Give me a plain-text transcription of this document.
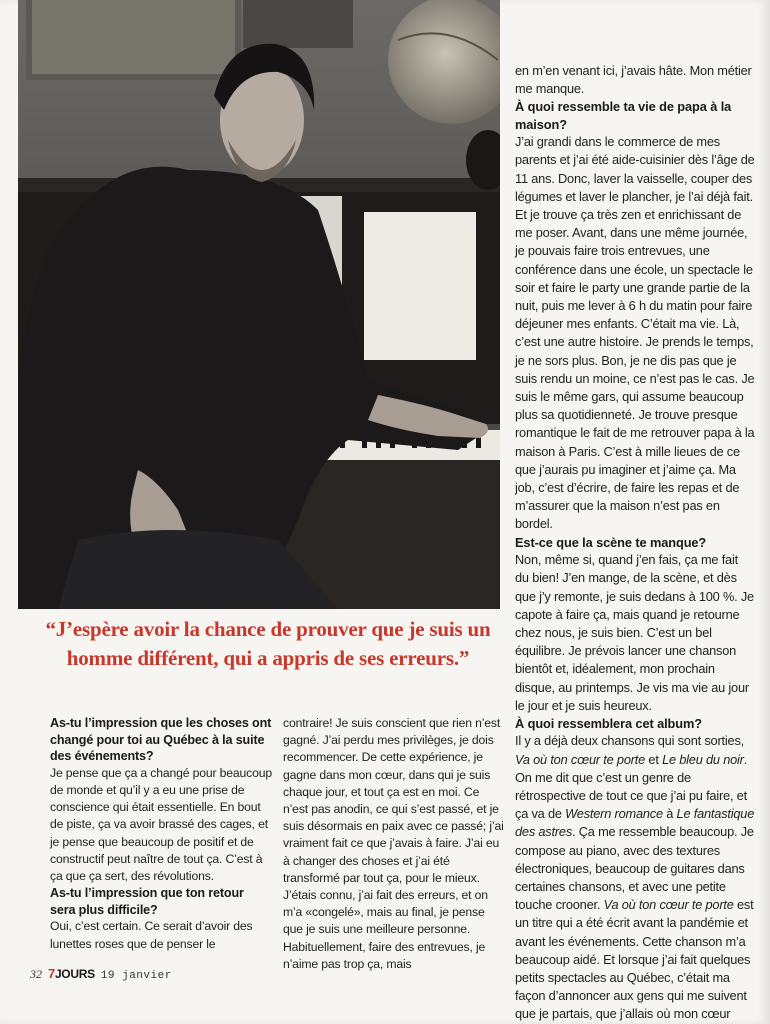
en m’en venant ici, j’avais hâte. Mon métier me manque.

À quoi ressemble ta vie de papa à la maison?

J’ai grandi dans le commerce de mes parents et j’ai été aide-cuisinier dès l’âge de 11 ans. Donc, laver la vaisselle, couper des légumes et laver le plancher, je l’ai déjà fait. Et je trouve ça très zen et enrichissant de me poser. Avant, dans une même journée, je pouvais faire trois entrevues, une conférence dans une école, un spectacle le soir et faire le party une grande partie de la nuit, puis me lever à 6 h du matin pour faire déjeuner mes enfants. C’était ma vie. Là, c’est une autre histoire. Je prends le temps, je ne sors plus. Bon, je ne dis pas que je suis rendu un moine, ce n’est pas le cas. Je suis le même gars, qui assume beaucoup plus sa quotidienneté. Je trouve presque romantique le fait de me retrouver papa à la maison à Paris. C’est à mille lieues de ce que j’aurais pu imaginer et j’aime ça. Ma job, c’est d’écrire, de faire les repas et de m’assurer que la maison n’est pas en bordel.

Est-ce que la scène te manque?

Non, même si, quand j’en fais, ça me fait du bien! J’en mange, de la scène, et dès que j’y remonte, je suis dedans à 100 %. Je capote à faire ça, mais quand je retourne chez nous, je suis bien. C’est un bel équilibre. Je prévois lancer une chanson bientôt et, idéalement, mon prochain disque, au printemps. Je vis ma vie au jour le jour et je suis heureux.

À quoi ressemblera cet album?

Il y a déjà deux chansons qui sont sorties, Va où ton cœur te porte et Le bleu du noir. On me dit que c’est un genre de rétrospective de tout ce que j’ai pu faire, et ça va de Western romance à Le fantastique des astres. Ça me ressemble beaucoup. Je compose au piano, avec des textures électroniques, beaucoup de guitares dans certaines chansons, et avec une petite touche crooner. Va où ton cœur te porte est un titre qui a été écrit avant la pandémie et avant les événements. Cette chanson m’a beaucoup aidé. Et lorsque j’ai fait quelques petits spectacles au Québec, c’était ma façon d’annoncer aux gens qui me suivent que je partais, que j’allais où mon cœur

“J’espère avoir la chance de prouver que je suis un homme différent, qui a appris de ses erreurs.”

As-tu l’impression que les choses ont changé pour toi au Québec à la suite des événements?

Je pense que ça a changé pour beaucoup de monde et qu’il y a eu une prise de conscience qui était essentielle. En bout de piste, ça va avoir brassé des cages, et je pense que beaucoup de positif et de constructif peut naître de tout ça. C’est à ça que ça sert, des révolutions.

As-tu l’impression que ton retour sera plus difficile?

Oui, c’est certain. Ce serait d’avoir des lunettes roses que de penser le

contraire! Je suis conscient que rien n’est gagné. J’ai perdu mes privilèges, je dois recommencer. De cette expérience, je gagne dans mon cœur, dans qui je suis chaque jour, et tout ça est en moi. Ce n’est pas anodin, ce qui s’est passé, et je suis désormais en paix avec ce passé; j’ai vraiment fait ce que j’avais à faire. J’ai eu à changer des choses et j’ai été transformé par tout ça, pour le mieux. J’étais connu, j’ai fait des erreurs, et on m’a «congelé», mais au final, je pense que je suis une meilleure personne. Habituellement, faire des entrevues, je n’aime pas trop ça, mais

32 7JOURS 19 janvier
